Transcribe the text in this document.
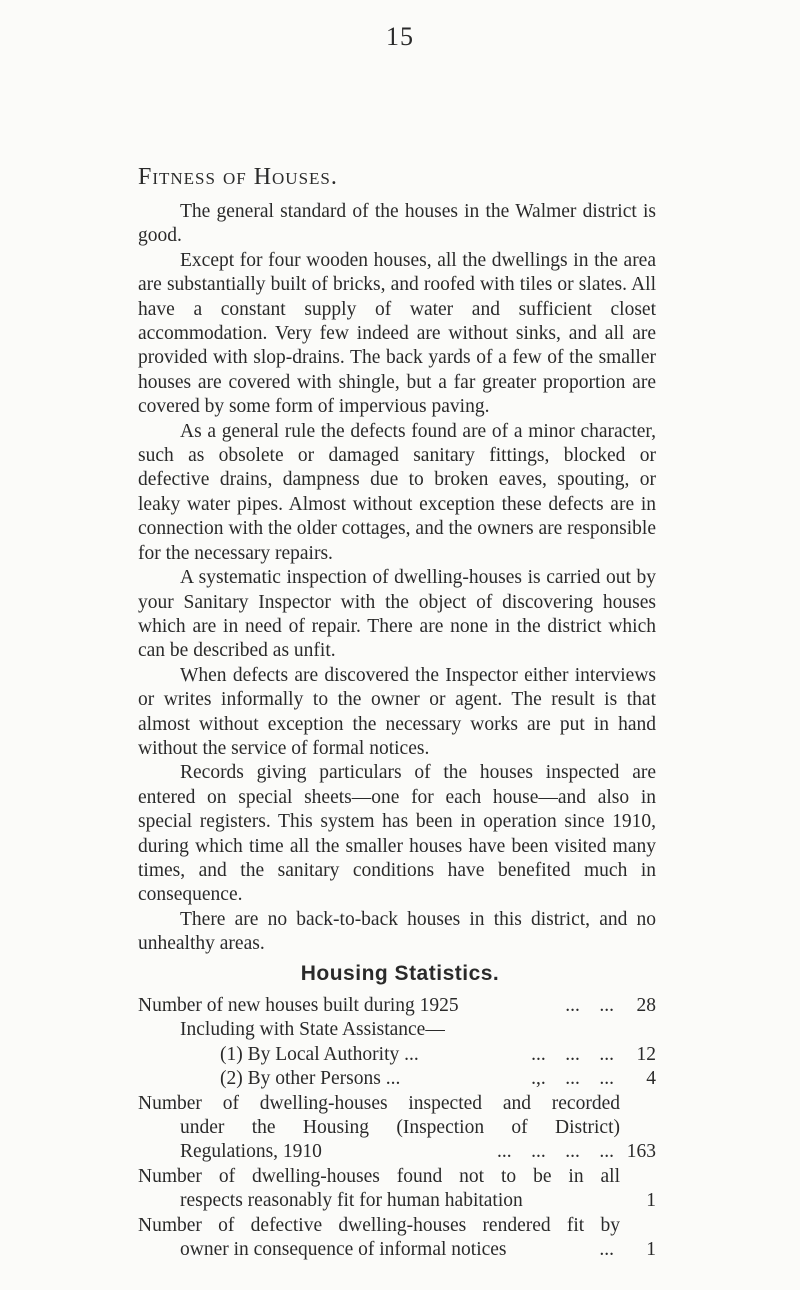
15
Fitness of Houses.

The general standard of the houses in the Walmer district is good.

Except for four wooden houses, all the dwellings in the area are substantially built of bricks, and roofed with tiles or slates. All have a constant supply of water and sufficient closet accommodation. Very few indeed are without sinks, and all are provided with slop-drains. The back yards of a few of the smaller houses are covered with shingle, but a far greater proportion are covered by some form of impervious paving.

As a general rule the defects found are of a minor character, such as obsolete or damaged sanitary fittings, blocked or defective drains, dampness due to broken eaves, spouting, or leaky water pipes. Almost without exception these defects are in connection with the older cottages, and the owners are responsible for the necessary repairs.

A systematic inspection of dwelling-houses is carried out by your Sanitary Inspector with the object of discovering houses which are in need of repair. There are none in the district which can be described as unfit.

When defects are discovered the Inspector either interviews or writes informally to the owner or agent. The result is that almost without exception the necessary works are put in hand without the service of formal notices.

Records giving particulars of the houses inspected are entered on special sheets—one for each house—and also in special registers. This system has been in operation since 1910, during which time all the smaller houses have been visited many times, and the sanitary conditions have benefited much in consequence.

There are no back-to-back houses in this district, and no unhealthy areas.

Housing Statistics.
Number of new houses built during 1925	...    ...	28
Including with State Assistance—
(1) By Local Authority ...	...    ...    ...	12
(2) By other Persons ...	.,.    ...    ...	4
Number of dwelling-houses inspected and recorded
under the Housing (Inspection of District)
Regulations, 1910	...    ...    ...    ... 163
Number of dwelling-houses found not to be in all
respects reasonably fit for human habitation	1
Number of defective dwelling-houses rendered fit by
owner in consequence of informal notices	...	1
